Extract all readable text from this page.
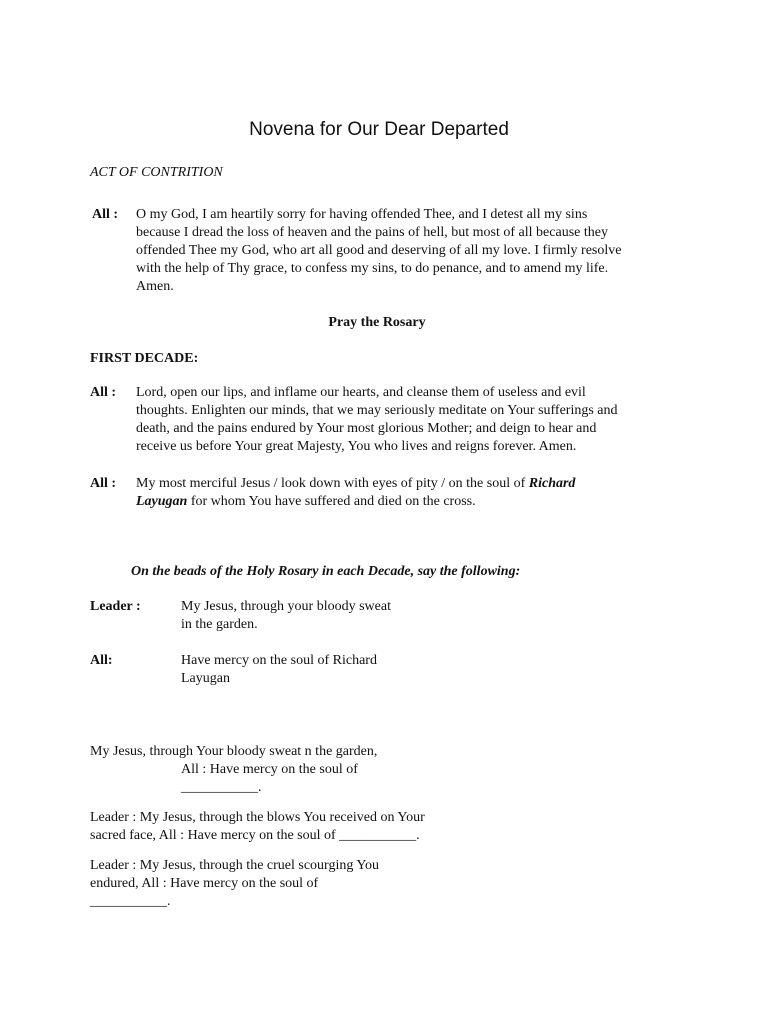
Novena for Our Dear Departed
ACT OF CONTRITION
All : O my God, I am heartily sorry for having offended Thee, and I detest all my sins
because I dread the loss of heaven and the pains of hell, but most of all because they
offended Thee my God, who art all good and deserving of all my love. I firmly resolve
with the help of Thy grace, to confess my sins, to do penance, and to amend my life.
Amen.
Pray the Rosary
FIRST DECADE:
All : Lord, open our lips, and inflame our hearts, and cleanse them of useless and evil
thoughts. Enlighten our minds, that we may seriously meditate on Your sufferings and
death, and the pains endured by Your most glorious Mother; and deign to hear and
receive us before Your great Majesty, You who lives and reigns forever. Amen.
All : My most merciful Jesus / look down with eyes of pity / on the soul of Richard
Layugan for whom You have suffered and died on the cross.
On the beads of the Holy Rosary in each Decade, say the following:
Leader :	My Jesus, through your bloody sweat
in the garden.
All:	Have mercy on the soul of Richard
Layugan
My Jesus, through Your bloody sweat n the garden,
All : Have mercy on the soul of
___________.
Leader : My Jesus, through the blows You received on Your
sacred face, All : Have mercy on the soul of ___________.
Leader : My Jesus, through the cruel scourging You
endured, All : Have mercy on the soul of
___________.
